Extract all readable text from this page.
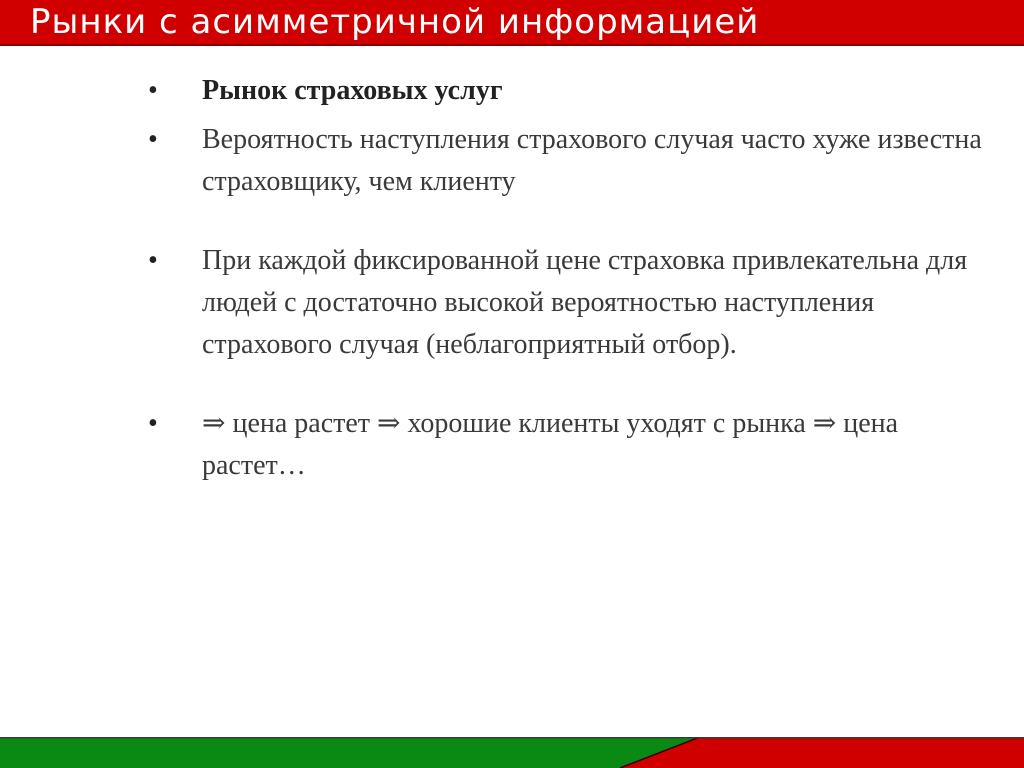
Рынки с асимметричной информацией
•	Рынок страховых услуг
•	Вероятность наступления страхового случая часто хуже известна страховщику, чем клиенту
•	При каждой фиксированной цене страховка привлекательна для людей с достаточно высокой вероятностью наступления страхового случая (неблагоприятный отбор).
•	⇒ цена растет ⇒ хорошие клиенты уходят с рынка ⇒ цена растет…
